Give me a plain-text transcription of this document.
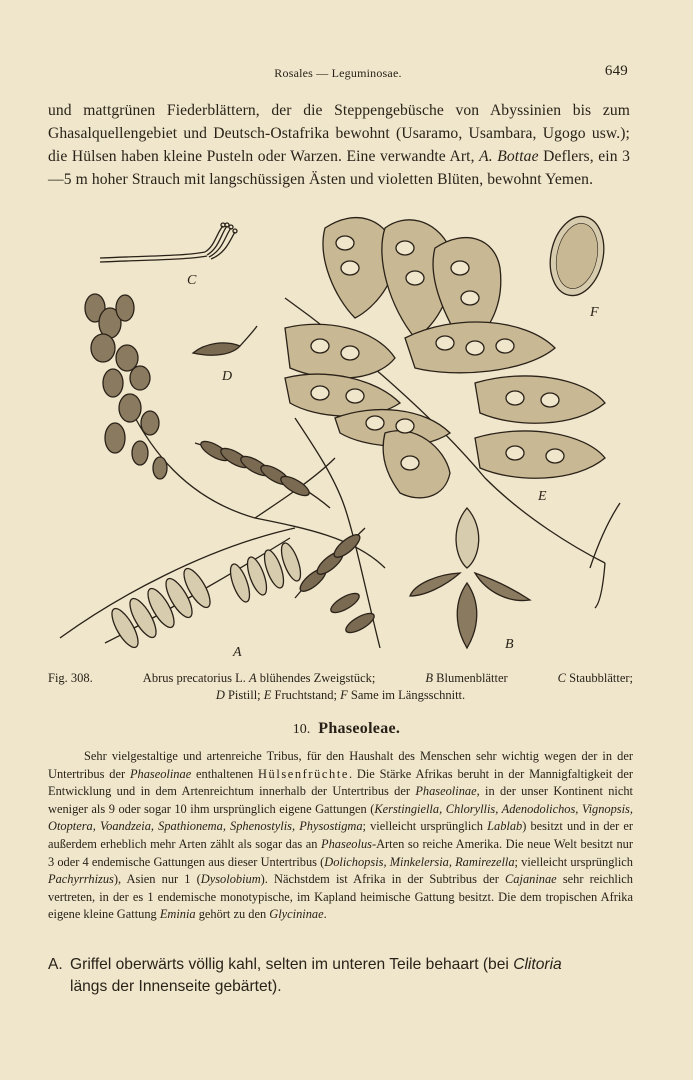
Rosales — Leguminosae.	649

und mattgrünen Fiederblättern, der die Steppengebüsche von Abyssinien bis zum Ghasalquellengebiet und Deutsch-Ostafrika bewohnt (Usaramo, Usambara, Ugogo usw.); die Hülsen haben kleine Pusteln oder Warzen. Eine verwandte Art, A. Bottae Deflers, ein 3—5 m hoher Strauch mit langschüssigen Ästen und violetten Blüten, bewohnt Yemen.

C
D
F
E
B
A
Fig. 308.	Abrus precatorius L. A blühendes Zweigstück;	B Blumenblätter	C Staubblätter;
D Pistill; E Fruchtstand; F Same im Längsschnitt.
10. Phaseoleae.

Sehr vielgestaltige und artenreiche Tribus, für den Haushalt des Menschen sehr wichtig wegen der in der Untertribus der Phaseolinae enthaltenen Hülsenfrüchte. Die Stärke Afrikas beruht in der Mannigfaltigkeit der Entwicklung und in dem Artenreichtum innerhalb der Untertribus der Phaseolinae, in der unser Kontinent nicht weniger als 9 oder sogar 10 ihm ursprünglich eigene Gattungen (Kerstingiella, Chloryllis, Adenodolichos, Vignopsis, Otoptera, Voandzeia, Spathionema, Sphenostylis, Physostigma; vielleicht ursprünglich Lablab) besitzt und in der er außerdem erheblich mehr Arten zählt als sogar das an Phaseolus-Arten so reiche Amerika. Die neue Welt besitzt nur 3 oder 4 endemische Gattungen aus dieser Untertribus (Dolichopsis, Minkelersia, Ramirezella; vielleicht ursprünglich Pachyrrhizus), Asien nur 1 (Dysolobium). Nächstdem ist Afrika in der Subtribus der Cajaninae sehr reichlich vertreten, in der es 1 endemische monotypische, im Kapland heimische Gattung besitzt. Die dem tropischen Afrika eigene kleine Gattung Eminia gehört zu den Glycininae.

A. Griffel oberwärts völlig kahl, selten im unteren Teile behaart (bei Clitoria
längs der Innenseite gebärtet).
